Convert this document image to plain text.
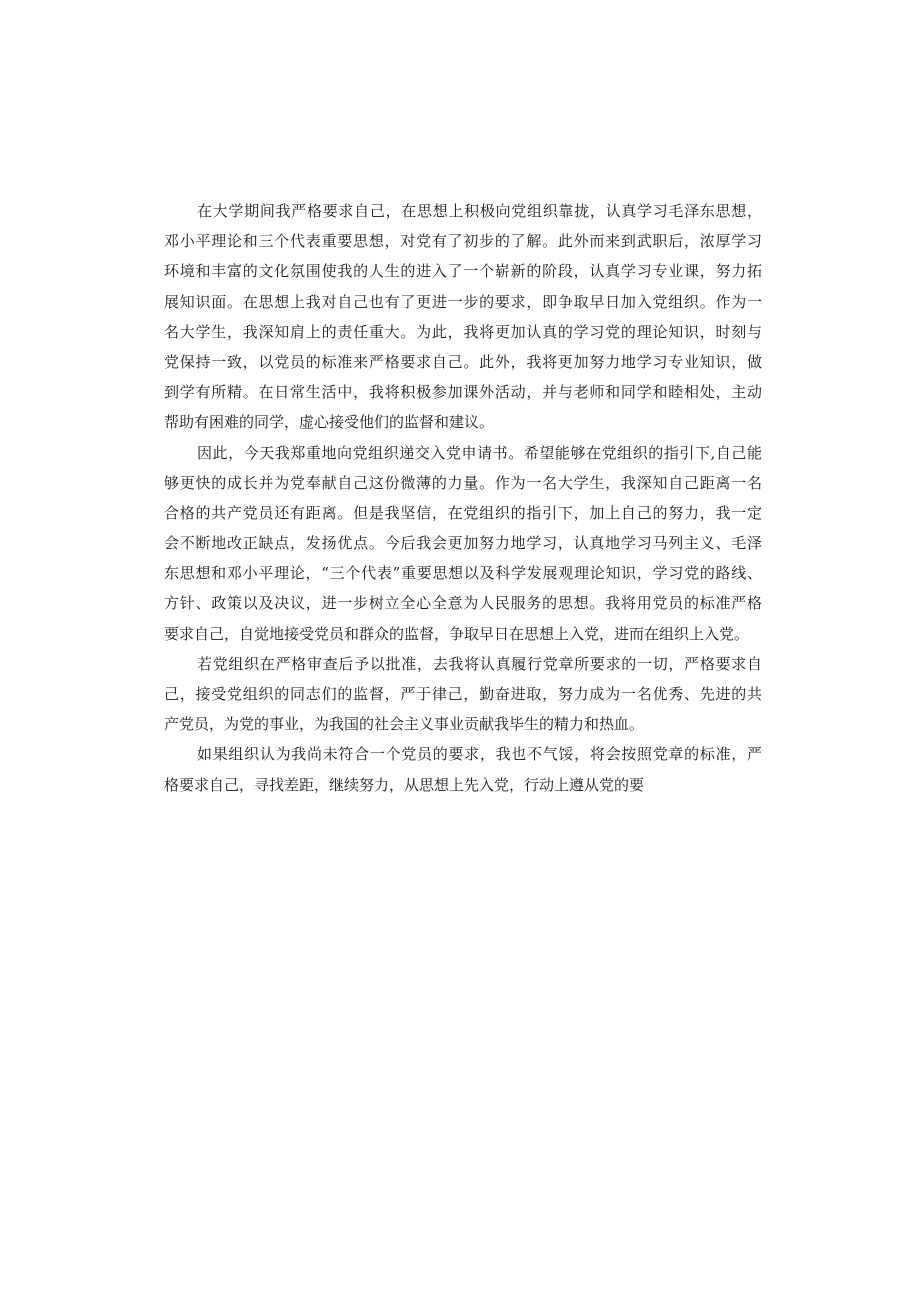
在大学期间我严格要求自己，在思想上积极向党组织靠拢，认真学习毛泽东思想，
邓小平理论和三个代表重要思想，对党有了初步的了解。此外而来到武职后，浓厚学习
环境和丰富的文化氛围使我的人生的进入了一个崭新的阶段，认真学习专业课，努力拓
展知识面。在思想上我对自己也有了更进一步的要求，即争取早日加入党组织。作为一
名大学生，我深知肩上的责任重大。为此，我将更加认真的学习党的理论知识，时刻与
党保持一致，以党员的标准来严格要求自己。此外，我将更加努力地学习专业知识，做
到学有所精。在日常生活中，我将积极参加课外活动，并与老师和同学和睦相处，主动
帮助有困难的同学，虚心接受他们的监督和建议。
因此，今天我郑重地向党组织递交入党申请书。希望能够在党组织的指引下,自己能
够更快的成长并为党奉献自己这份微薄的力量。作为一名大学生，我深知自己距离一名
合格的共产党员还有距离。但是我坚信，在党组织的指引下，加上自己的努力，我一定
会不断地改正缺点，发扬优点。今后我会更加努力地学习，认真地学习马列主义、毛泽
东思想和邓小平理论，“三个代表”重要思想以及科学发展观理论知识，学习党的路线、
方针、政策以及决议，进一步树立全心全意为人民服务的思想。我将用党员的标准严格
要求自己，自觉地接受党员和群众的监督，争取早日在思想上入党，进而在组织上入党。
若党组织在严格审查后予以批准，去我将认真履行党章所要求的一切，严格要求自
己，接受党组织的同志们的监督，严于律己，勤奋进取，努力成为一名优秀、先进的共
产党员，为党的事业，为我国的社会主义事业贡献我毕生的精力和热血。
如果组织认为我尚未符合一个党员的要求，我也不气馁，将会按照党章的标准，严
格要求自己，寻找差距，继续努力，从思想上先入党，行动上遵从党的要
